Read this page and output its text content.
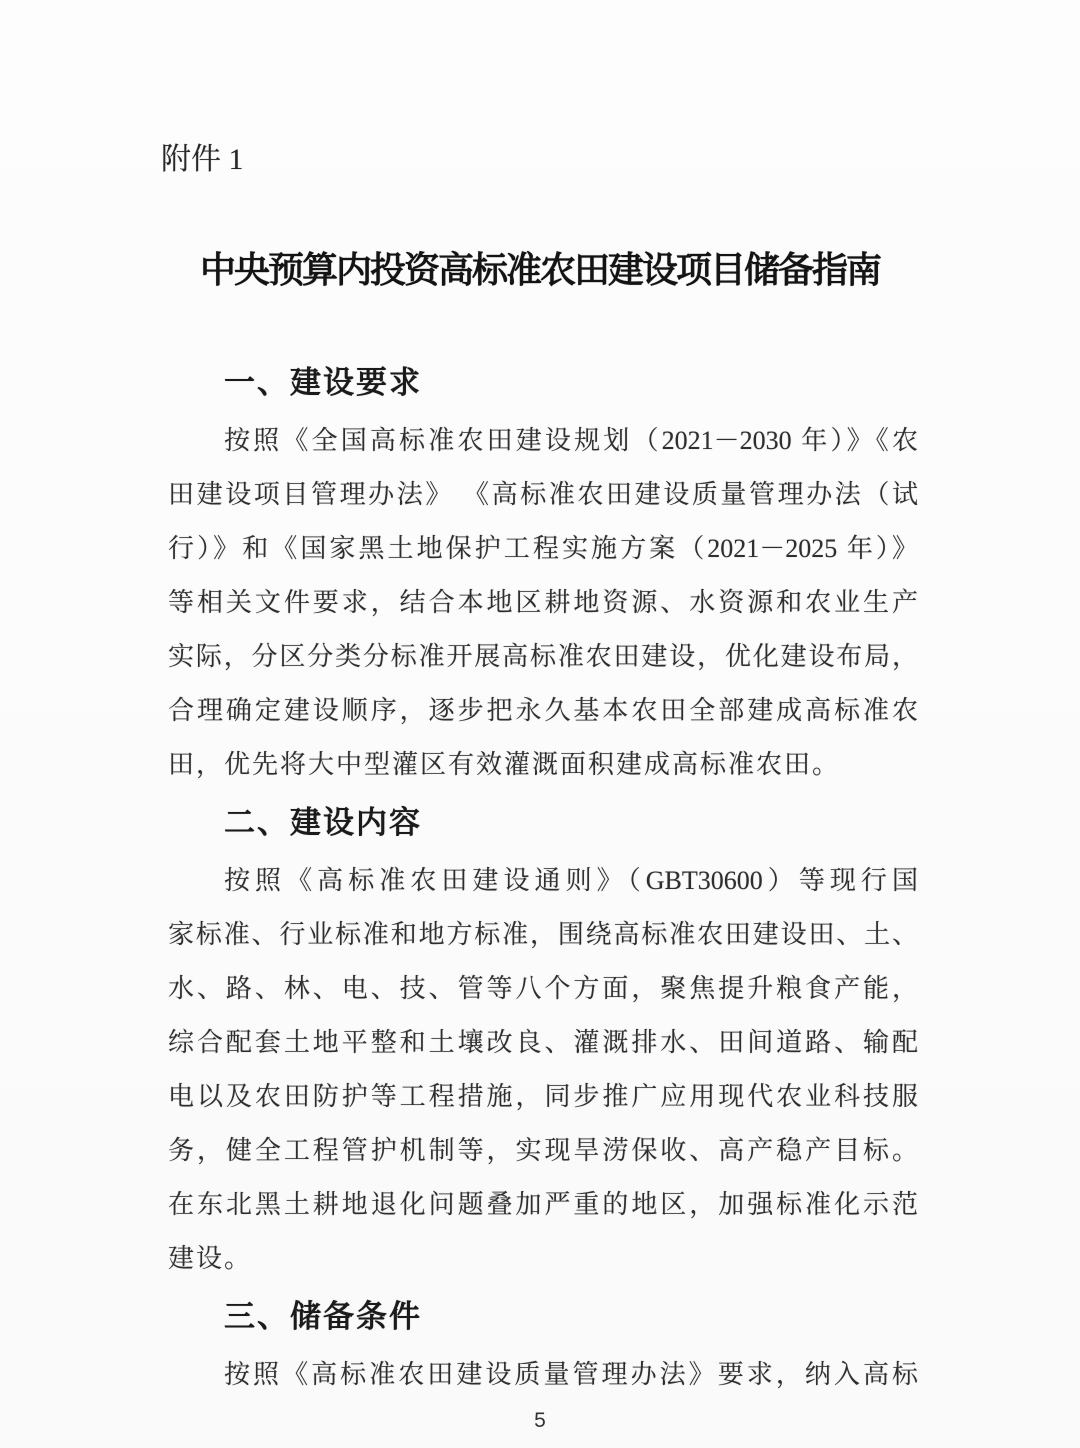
附件 1
中央预算内投资高标准农田建设项目储备指南
一、建设要求
按照《全国高标准农田建设规划（2021－2030 年）》《农
田建设项目管理办法》 《高标准农田建设质量管理办法（试
行）》和《国家黑土地保护工程实施方案（2021－2025 年）》
等相关文件要求，结合本地区耕地资源、水资源和农业生产
实际，分区分类分标准开展高标准农田建设，优化建设布局，
合理确定建设顺序，逐步把永久基本农田全部建成高标准农
田，优先将大中型灌区有效灌溉面积建成高标准农田。
二、建设内容
按照《高标准农田建设通则》（GBT30600）等现行国
家标准、行业标准和地方标准，围绕高标准农田建设田、土、
水、路、林、电、技、管等八个方面，聚焦提升粮食产能，
综合配套土地平整和土壤改良、灌溉排水、田间道路、输配
电以及农田防护等工程措施，同步推广应用现代农业科技服
务，健全工程管护机制等，实现旱涝保收、高产稳产目标。
在东北黑土耕地退化问题叠加严重的地区，加强标准化示范
建设。
三、储备条件
按照《高标准农田建设质量管理办法》要求，纳入高标
5
